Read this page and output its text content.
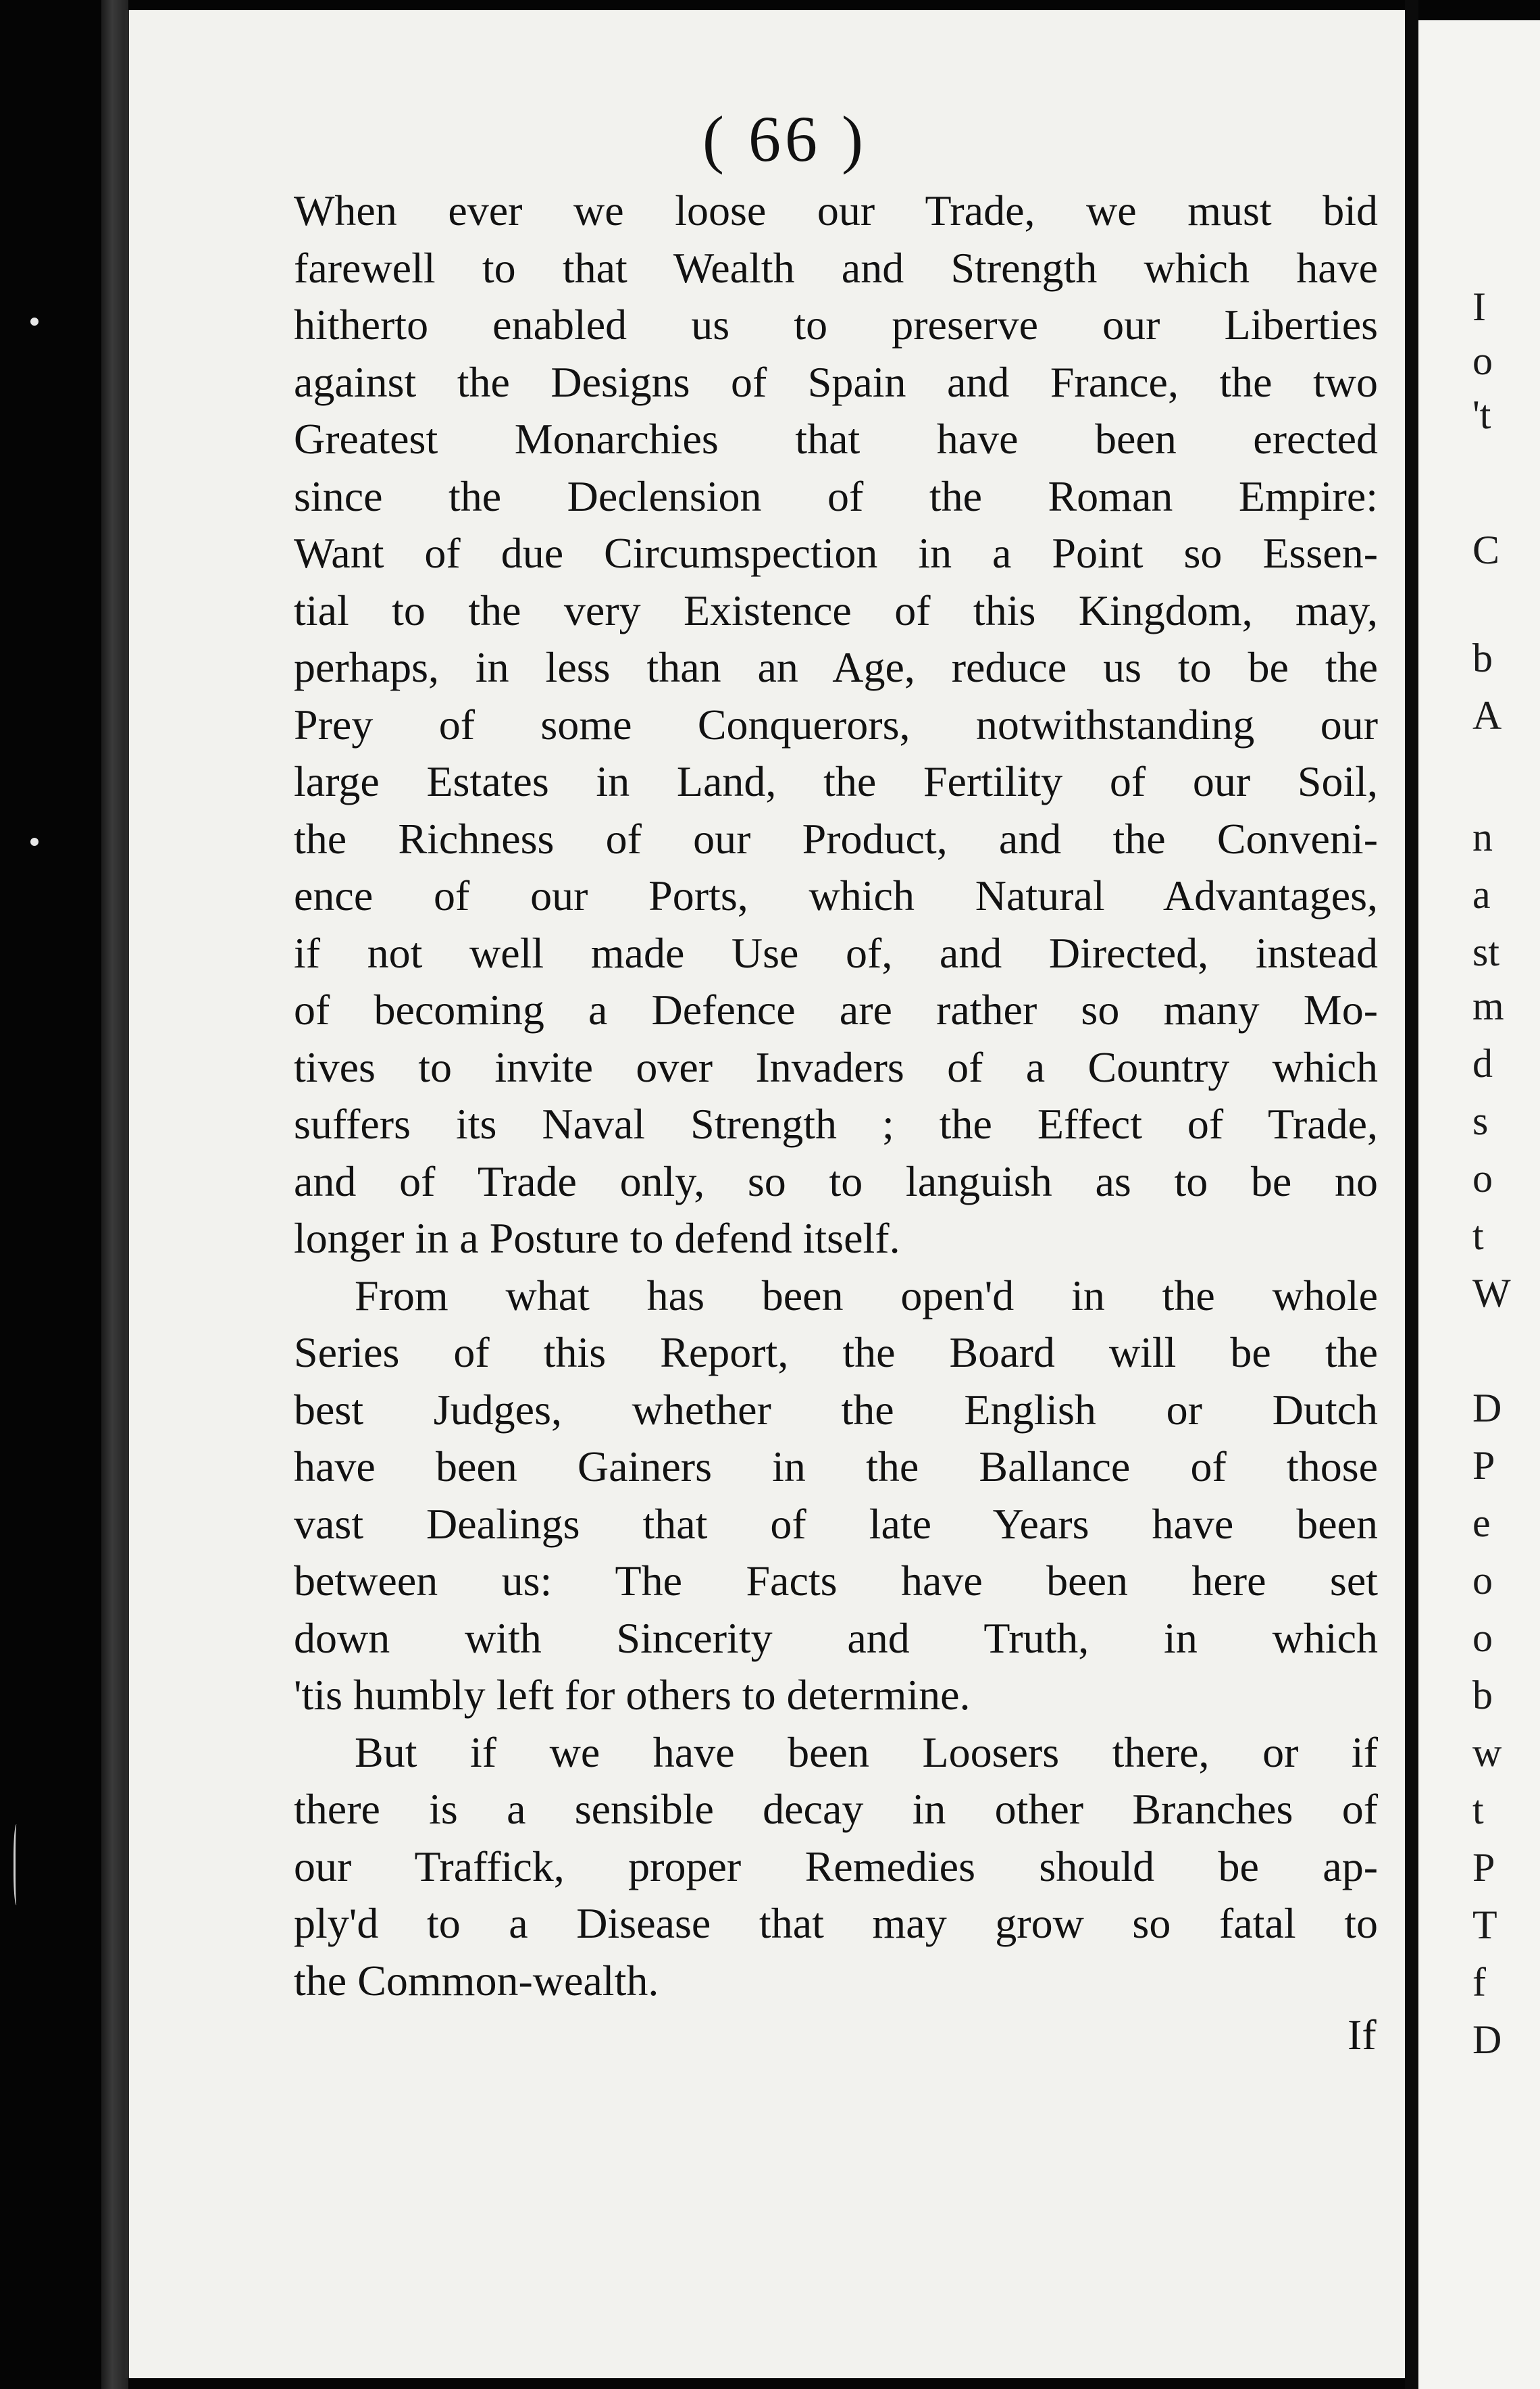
( 66 )
When ever we loose our Trade, we must bid
farewell to that Wealth and Strength which have
hitherto enabled us to preserve our Liberties
against the Designs of Spain and France, the two
Greatest Monarchies that have been erected
since the Declension of the Roman Empire:
Want of due Circumspection in a Point so Essen-
tial to the very Existence of this Kingdom, may,
perhaps, in less than an Age, reduce us to be the
Prey of some Conquerors, notwithstanding our
large Estates in Land, the Fertility of our Soil,
the Richness of our Product, and the Conveni-
ence of our Ports, which Natural Advantages,
if not well made Use of, and Directed, instead
of becoming a Defence are rather so many Mo-
tives to invite over Invaders of a Country which
suffers its Naval Strength ; the Effect of Trade,
and of Trade only, so to languish as to be no
longer in a Posture to defend itself.
From what has been open'd in the whole
Series of this Report, the Board will be the
best Judges, whether the English or Dutch
have been Gainers in the Ballance of those
vast Dealings that of late Years have been
between us: The Facts have been here set
down with Sincerity and Truth, in which
'tis humbly left for others to determine.
But if we have been Loosers there, or if
there is a sensible decay in other Branches of
our Traffick, proper Remedies should be ap-
ply'd to a Disease that may grow so fatal to
the Common-wealth.
If
I
o
't
C
b
A
n
a
st
m
d
s
o
t
W
D
P
e
o
o
b
w
t
P
T
f
D
